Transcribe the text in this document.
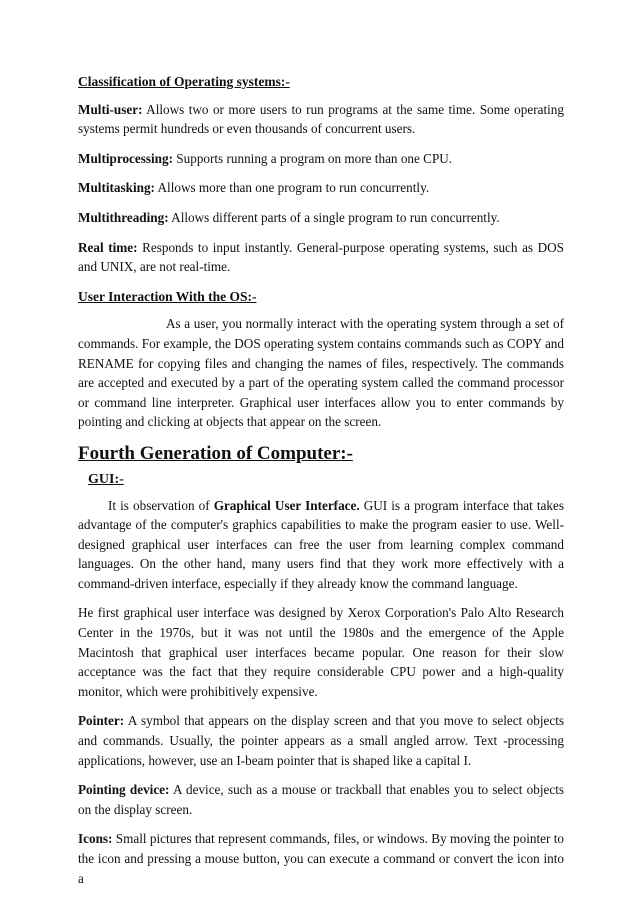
Classification of Operating systems:-
Multi-user: Allows two or more users to run programs at the same time. Some operating systems permit hundreds or even thousands of concurrent users.
Multiprocessing: Supports running a program on more than one CPU.
Multitasking: Allows more than one program to run concurrently.
Multithreading: Allows different parts of a single program to run concurrently.
Real time: Responds to input instantly. General-purpose operating systems, such as DOS and UNIX, are not real-time.
User Interaction With the OS:-
As a user, you normally interact with the operating system through a set of commands. For example, the DOS operating system contains commands such as COPY and RENAME for copying files and changing the names of files, respectively. The commands are accepted and executed by a part of the operating system called the command processor or command line interpreter. Graphical user interfaces allow you to enter commands by pointing and clicking at objects that appear on the screen.
Fourth Generation of Computer:-
GUI:-
It is observation of Graphical User Interface. GUI is a program interface that takes advantage of the computer's graphics capabilities to make the program easier to use. Well-designed graphical user interfaces can free the user from learning complex command languages. On the other hand, many users find that they work more effectively with a command-driven interface, especially if they already know the command language.
He first graphical user interface was designed by Xerox Corporation's Palo Alto Research Center in the 1970s, but it was not until the 1980s and the emergence of the Apple Macintosh that graphical user interfaces became popular. One reason for their slow acceptance was the fact that they require considerable CPU power and a high-quality monitor, which were prohibitively expensive.
Pointer: A symbol that appears on the display screen and that you move to select objects and commands. Usually, the pointer appears as a small angled arrow. Text -processing applications, however, use an I-beam pointer that is shaped like a capital I.
Pointing device: A device, such as a mouse or trackball that enables you to select objects on the display screen.
Icons: Small pictures that represent commands, files, or windows. By moving the pointer to the icon and pressing a mouse button, you can execute a command or convert the icon into a
